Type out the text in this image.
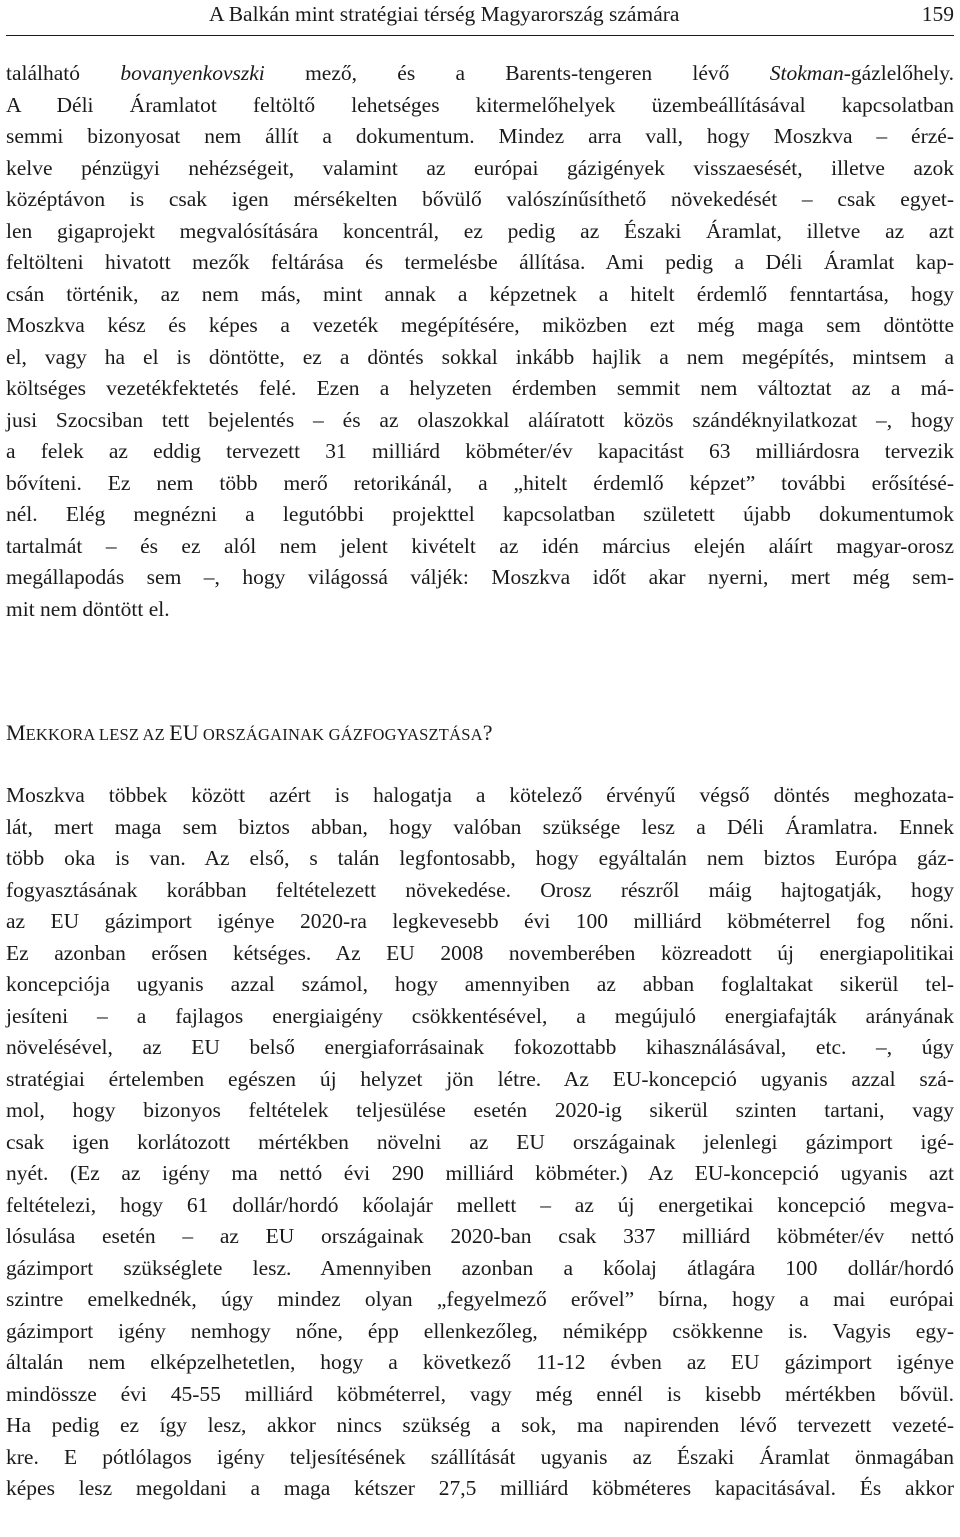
A Balkán mint stratégiai térség Magyarország számára	159
található bovanyenkovszki mező, és a Barents-tengeren lévő Stokman-gázlelőhely.
A Déli Áramlatot feltöltő lehetséges kitermelőhelyek üzembeállításával kapcsolatban
semmi bizonyosat nem állít a dokumentum. Mindez arra vall, hogy Moszkva – érzé-
kelve pénzügyi nehézségeit, valamint az európai gázigények visszaesését, illetve azok
középtávon is csak igen mérsékelten bővülő valószínűsíthető növekedését – csak egyet-
len gigaprojekt megvalósítására koncentrál, ez pedig az Északi Áramlat, illetve az azt
feltölteni hivatott mezők feltárása és termelésbe állítása. Ami pedig a Déli Áramlat kap-
csán történik, az nem más, mint annak a képzetnek a hitelt érdemlő fenntartása, hogy
Moszkva kész és képes a vezeték megépítésére, miközben ezt még maga sem döntötte
el, vagy ha el is döntötte, ez a döntés sokkal inkább hajlik a nem megépítés, mintsem a
költséges vezetékfektetés felé. Ezen a helyzeten érdemben semmit nem változtat az a má-
jusi Szocsiban tett bejelentés – és az olaszokkal aláíratott közös szándéknyilatkozat –, hogy
a felek az eddig tervezett 31 milliárd köbméter/év kapacitást 63 milliárdosra tervezik
bővíteni. Ez nem több merő retorikánál, a „hitelt érdemlő képzet” további erősítésé-
nél. Elég megnézni a legutóbbi projekttel kapcsolatban született újabb dokumentumok
tartalmát – és ez alól nem jelent kivételt az idén március elején aláírt magyar-orosz
megállapodás sem –, hogy világossá váljék: Moszkva időt akar nyerni, mert még sem-
mit nem döntött el.
MEKKORA LESZ AZ EU ORSZÁGAINAK GÁZFOGYASZTÁSA?
Moszkva többek között azért is halogatja a kötelező érvényű végső döntés meghozata-
lát, mert maga sem biztos abban, hogy valóban szüksége lesz a Déli Áramlatra. Ennek
több oka is van. Az első, s talán legfontosabb, hogy egyáltalán nem biztos Európa gáz-
fogyasztásának korábban feltételezett növekedése. Orosz részről máig hajtogatják, hogy
az EU gázimport igénye 2020-ra legkevesebb évi 100 milliárd köbméterrel fog nőni.
Ez azonban erősen kétséges. Az EU 2008 novemberében közreadott új energiapolitikai
koncepciója ugyanis azzal számol, hogy amennyiben az abban foglaltakat sikerül tel-
jesíteni – a fajlagos energiaigény csökkentésével, a megújuló energiafajták arányának
növelésével, az EU belső energiaforrásainak fokozottabb kihasználásával, etc. –, úgy
stratégiai értelemben egészen új helyzet jön létre. Az EU-koncepció ugyanis azzal szá-
mol, hogy bizonyos feltételek teljesülése esetén 2020-ig sikerül szinten tartani, vagy
csak igen korlátozott mértékben növelni az EU országainak jelenlegi gázimport igé-
nyét. (Ez az igény ma nettó évi 290 milliárd köbméter.) Az EU-koncepció ugyanis azt
feltételezi, hogy 61 dollár/hordó kőolajár mellett – az új energetikai koncepció megva-
lósulása esetén – az EU országainak 2020-ban csak 337 milliárd köbméter/év nettó
gázimport szükséglete lesz. Amennyiben azonban a kőolaj átlagára 100 dollár/hordó
szintre emelkednék, úgy mindez olyan „fegyelmező erővel” bírna, hogy a mai európai
gázimport igény nemhogy nőne, épp ellenkezőleg, némiképp csökkenne is. Vagyis egy-
általán nem elképzelhetetlen, hogy a következő 11-12 évben az EU gázimport igénye
mindössze évi 45-55 milliárd köbméterrel, vagy még ennél is kisebb mértékben bővül.
Ha pedig ez így lesz, akkor nincs szükség a sok, ma napirenden lévő tervezett vezeté-
kre. E pótlólagos igény teljesítésének szállítását ugyanis az Északi Áramlat önmagában
képes lesz megoldani a maga kétszer 27,5 milliárd köbméteres kapacitásával. És akkor
